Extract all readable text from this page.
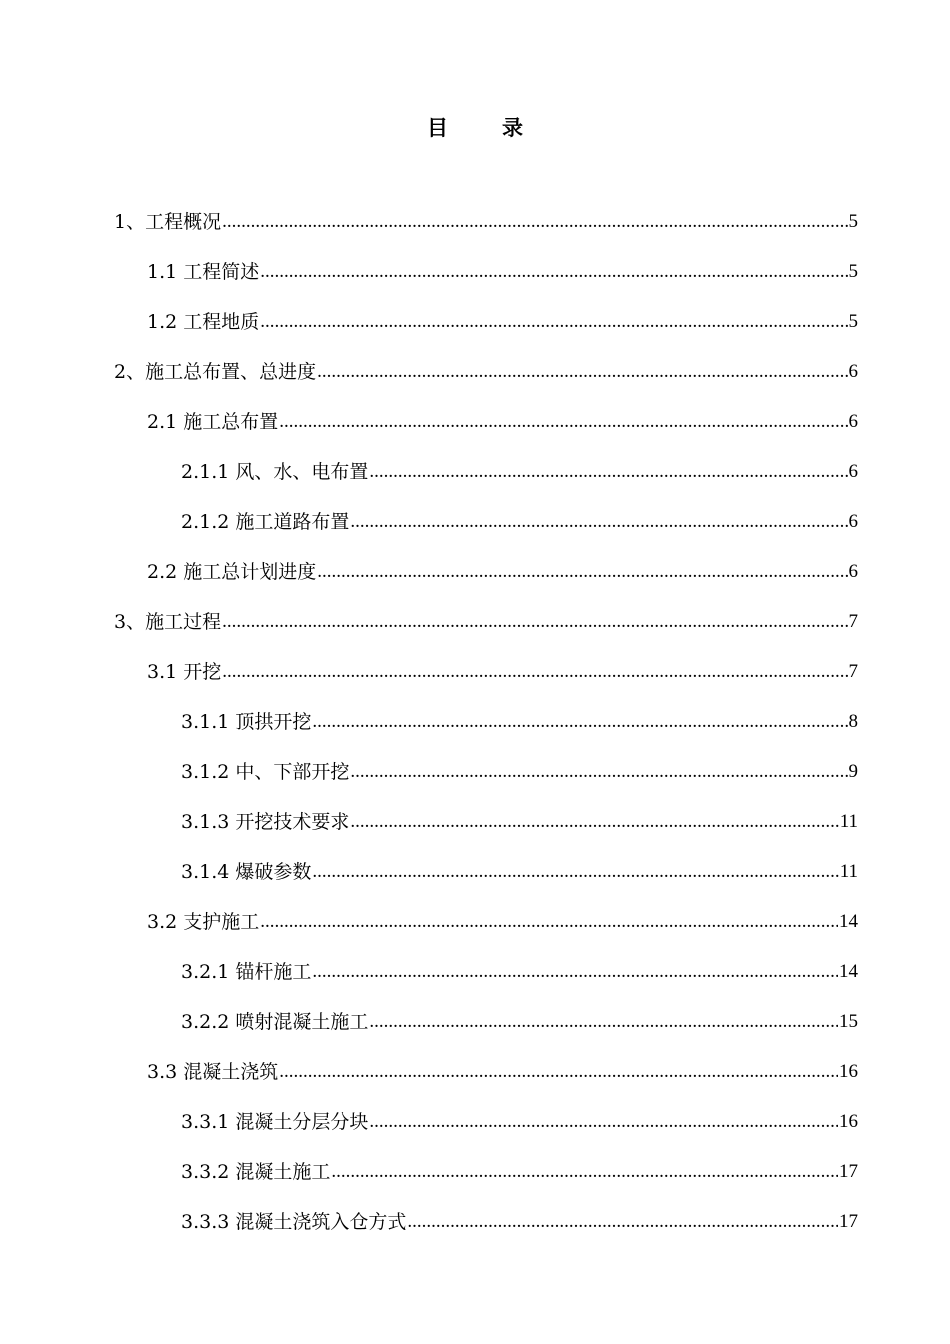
目	录
1、工程概况 .....	5
1.1 工程简述 .....	5
1.2 工程地质 .....	5
2、施工总布置、总进度 .....	6
2.1 施工总布置 .....	6
2.1.1 风、水、电布置 .....	6
2.1.2 施工道路布置 .....	6
2.2 施工总计划进度 .....	6
3、施工过程 .....	7
3.1 开挖 .....	7
3.1.1 顶拱开挖 .....	8
3.1.2 中、下部开挖 .....	9
3.1.3 开挖技术要求 .....	11
3.1.4 爆破参数 .....	11
3.2 支护施工 .....	14
3.2.1 锚杆施工 .....	14
3.2.2 喷射混凝土施工 .....	15
3.3 混凝土浇筑 .....	16
3.3.1 混凝土分层分块 .....	16
3.3.2 混凝土施工 .....	17
3.3.3 混凝土浇筑入仓方式 .....	17
